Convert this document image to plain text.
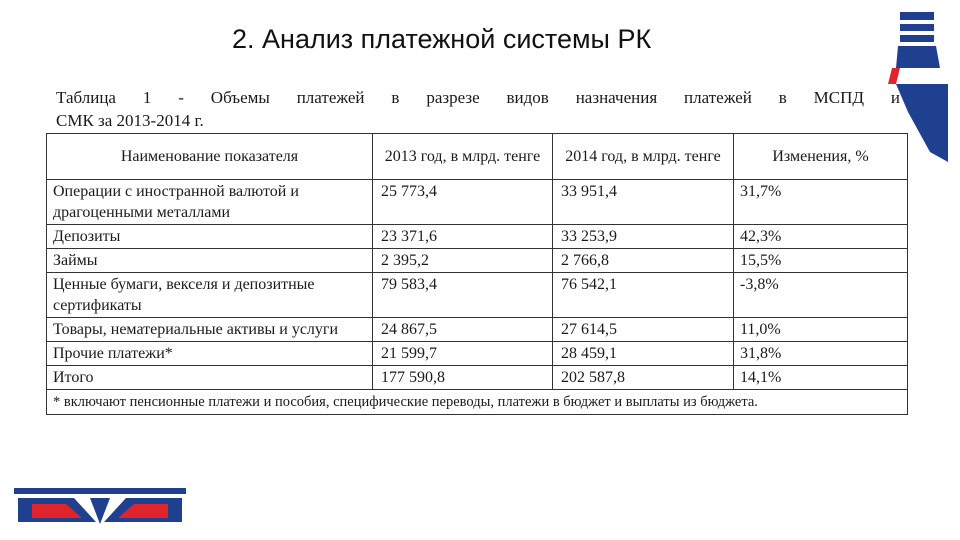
2. Анализ платежной системы РК
Таблица 1 - Объемы платежей в разрезе видов назначения платежей в МСПД и
СМК за 2013-2014 г.
Наименование показателя	2013 год, в млрд. тенге	2014 год, в млрд. тенге	Изменения, %
Операции с иностранной валютой и драгоценными металлами	25 773,4	33 951,4	31,7%
Депозиты	23 371,6	33 253,9	42,3%
Займы	2 395,2	2 766,8	15,5%
Ценные бумаги, векселя и депозитные сертификаты	79 583,4	76 542,1	-3,8%
Товары, нематериальные активы и услуги	24 867,5	27 614,5	11,0%
Прочие платежи*	21 599,7	28 459,1	31,8%
Итого	177 590,8	202 587,8	14,1%
* включают пенсионные платежи и пособия, специфические переводы, платежи в бюджет и выплаты из бюджета.			
